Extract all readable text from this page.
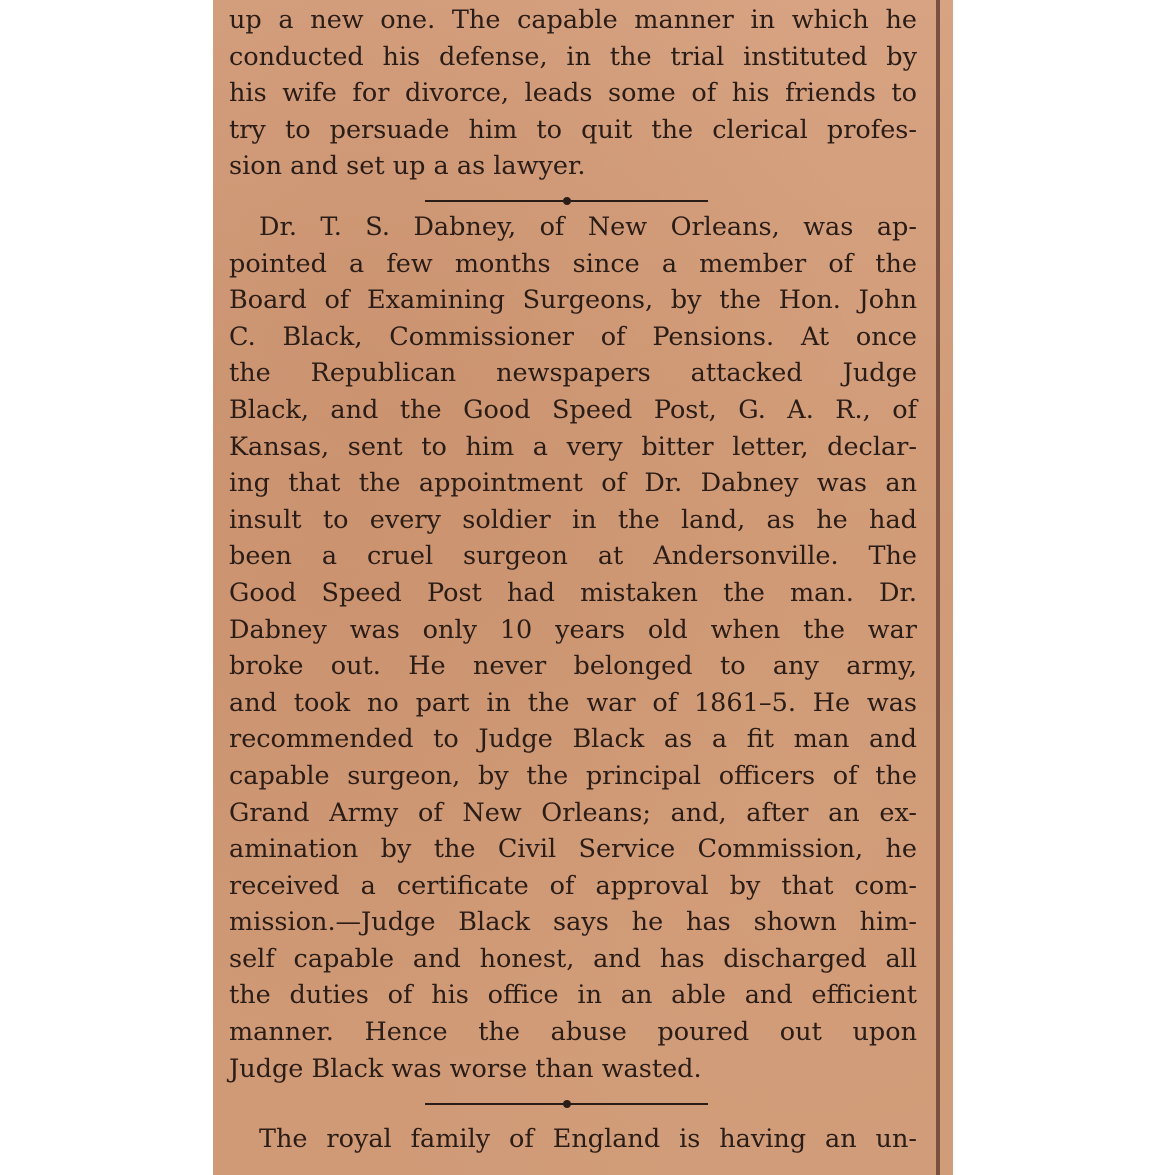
up a new one. The capable manner in which he
conducted his defense, in the trial instituted by
his wife for divorce, leads some of his friends to
try to persuade him to quit the clerical profes-
sion and set up a as lawyer.
Dr. T. S. Dabney, of New Orleans, was ap-
pointed a few months since a member of the
Board of Examining Surgeons, by the Hon. John
C. Black, Commissioner of Pensions. At once
the Republican newspapers attacked Judge
Black, and the Good Speed Post, G. A. R., of
Kansas, sent to him a very bitter letter, declar-
ing that the appointment of Dr. Dabney was an
insult to every soldier in the land, as he had
been a cruel surgeon at Andersonville. The
Good Speed Post had mistaken the man. Dr.
Dabney was only 10 years old when the war
broke out. He never belonged to any army,
and took no part in the war of 1861–5. He was
recommended to Judge Black as a fit man and
capable surgeon, by the principal officers of the
Grand Army of New Orleans; and, after an ex-
amination by the Civil Service Commission, he
received a certificate of approval by that com-
mission.—Judge Black says he has shown him-
self capable and honest, and has discharged all
the duties of his office in an able and efficient
manner. Hence the abuse poured out upon
Judge Black was worse than wasted.
The royal family of England is having an un-
